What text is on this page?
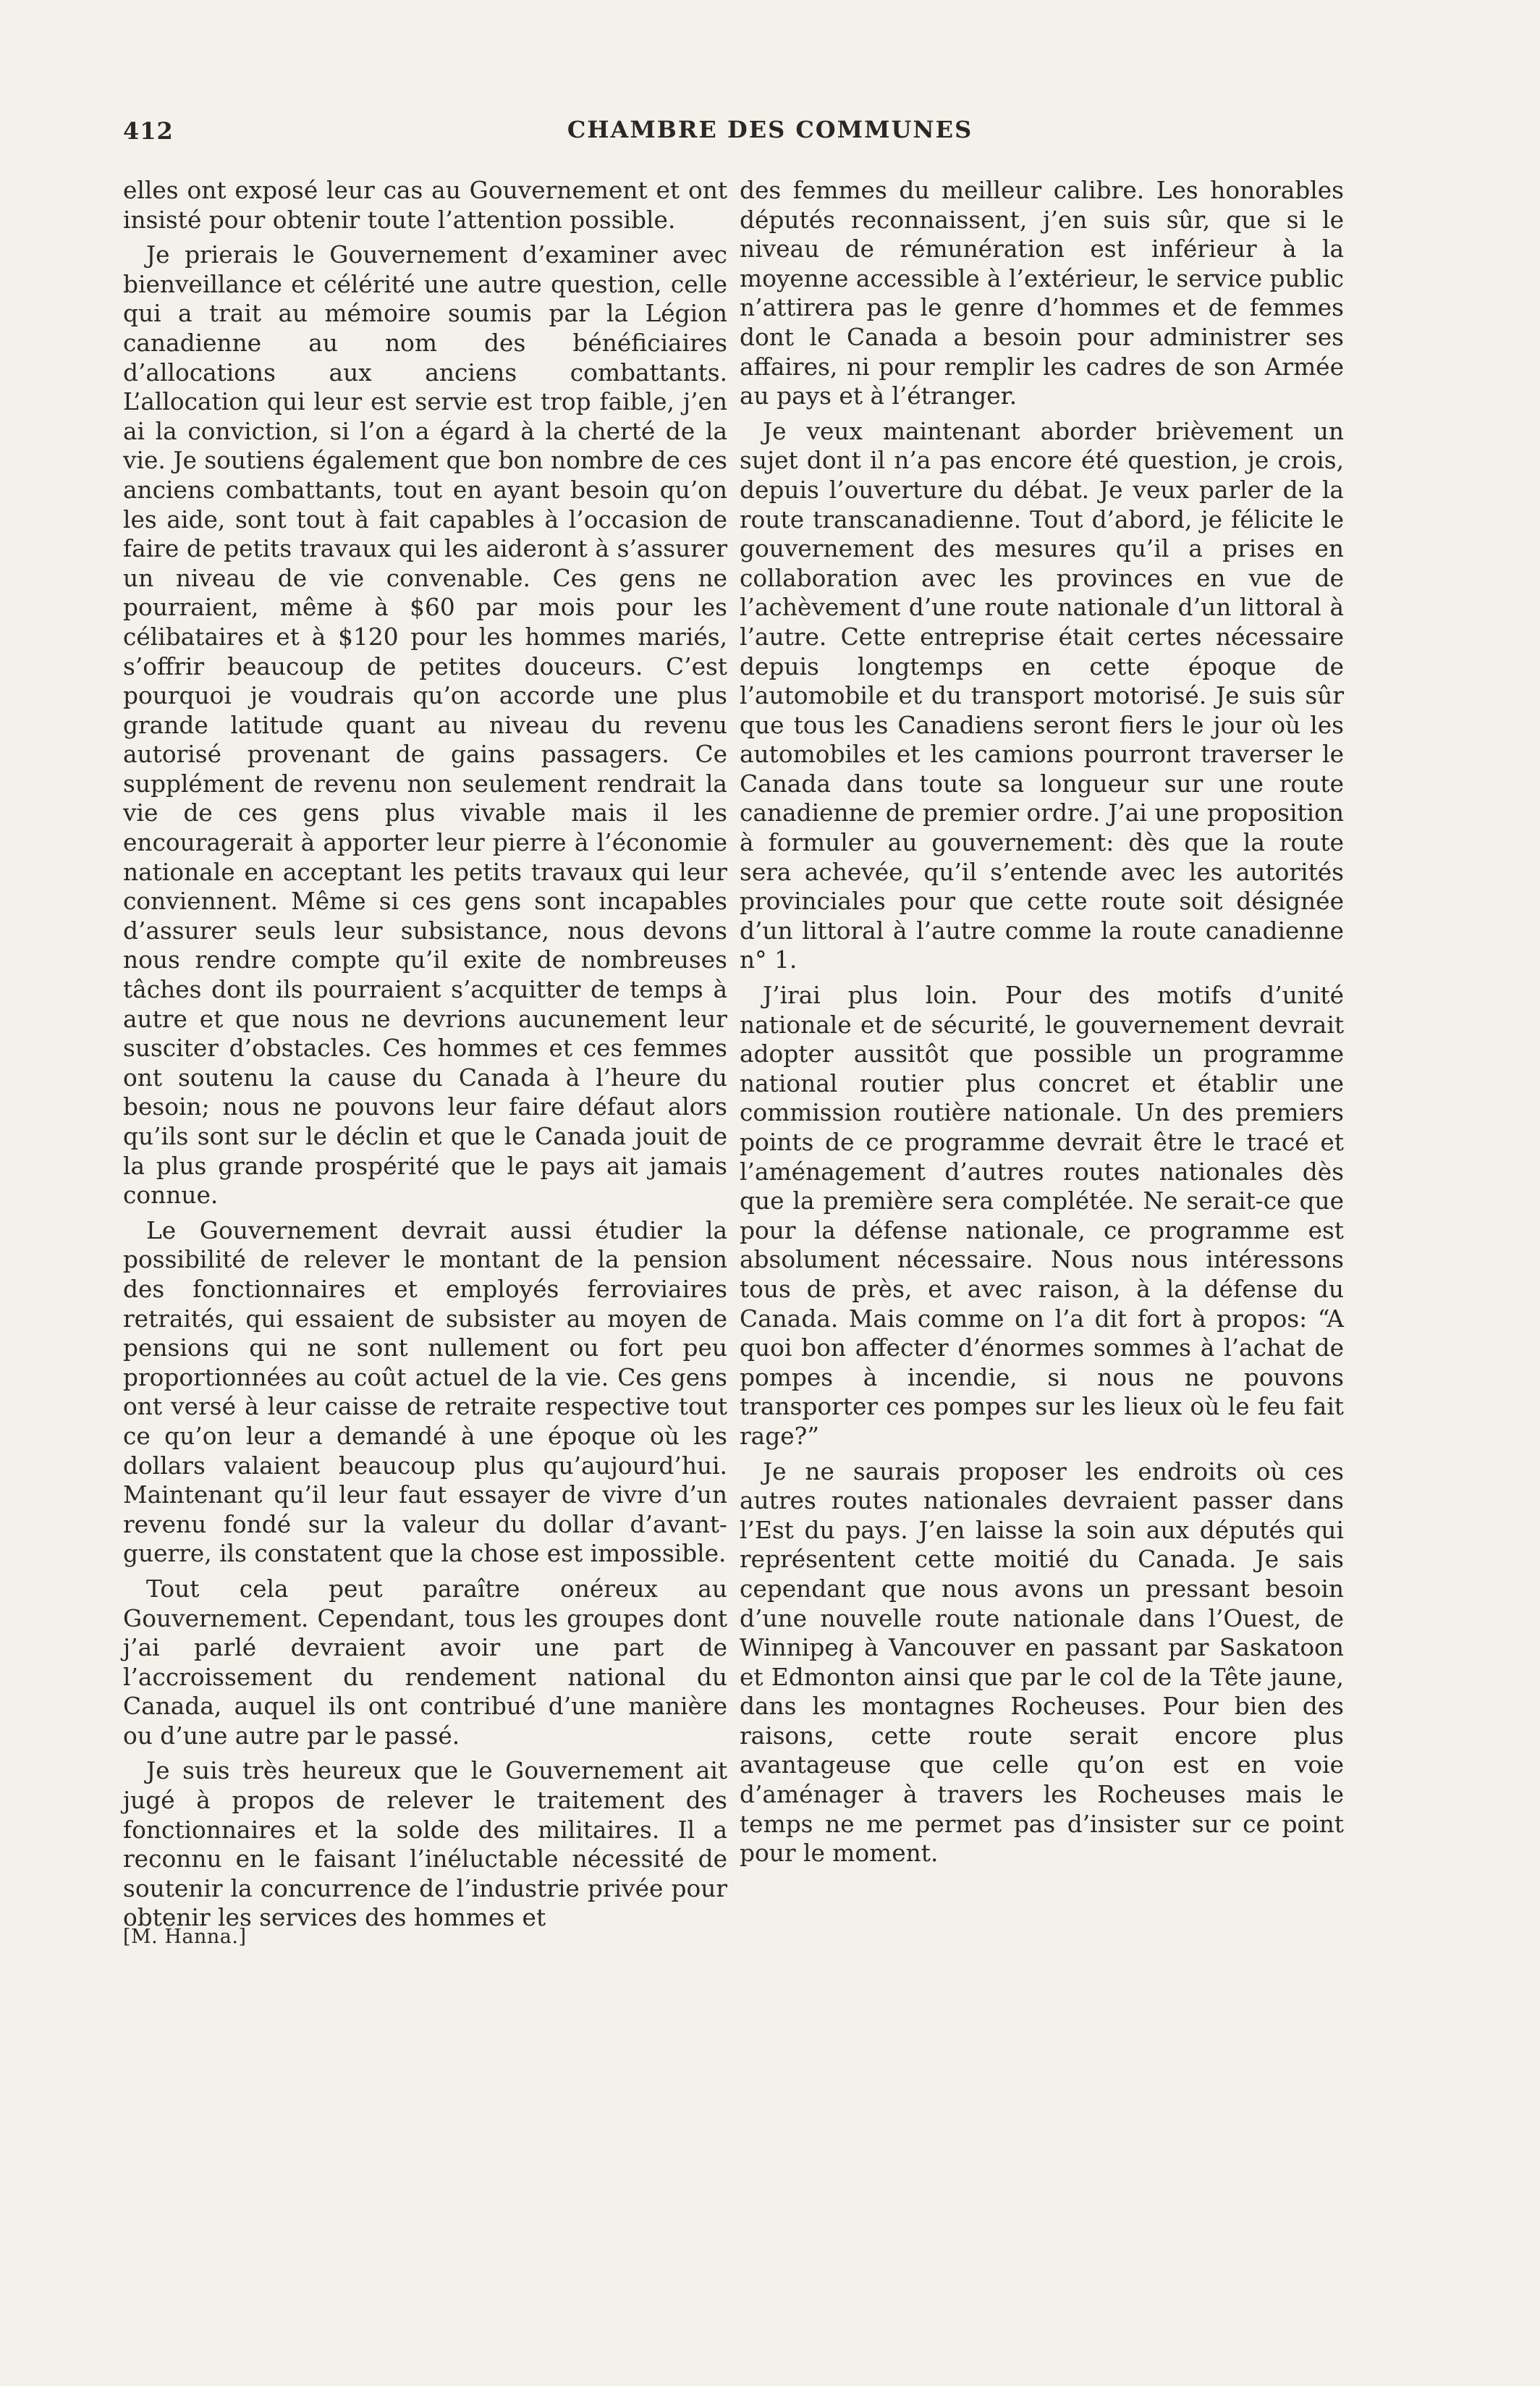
412	CHAMBRE DES COMMUNES

elles ont exposé leur cas au Gouvernement et ont insisté pour obtenir toute l’attention possible.

Je prierais le Gouvernement d’examiner avec bienveillance et célérité une autre question, celle qui a trait au mémoire soumis par la Légion canadienne au nom des bénéficiaires d’allocations aux anciens combattants. L’allocation qui leur est servie est trop faible, j’en ai la conviction, si l’on a égard à la cherté de la vie. Je soutiens également que bon nombre de ces anciens combattants, tout en ayant besoin qu’on les aide, sont tout à fait capables à l’occasion de faire de petits travaux qui les aideront à s’assurer un niveau de vie convenable. Ces gens ne pourraient, même à $60 par mois pour les célibataires et à $120 pour les hommes mariés, s’offrir beaucoup de petites douceurs. C’est pourquoi je voudrais qu’on accorde une plus grande latitude quant au niveau du revenu autorisé provenant de gains passagers. Ce supplément de revenu non seulement rendrait la vie de ces gens plus vivable mais il les encouragerait à apporter leur pierre à l’économie nationale en acceptant les petits travaux qui leur conviennent. Même si ces gens sont incapables d’assurer seuls leur subsistance, nous devons nous rendre compte qu’il exite de nombreuses tâches dont ils pourraient s’acquitter de temps à autre et que nous ne devrions aucunement leur susciter d’obstacles. Ces hommes et ces femmes ont soutenu la cause du Canada à l’heure du besoin; nous ne pouvons leur faire défaut alors qu’ils sont sur le déclin et que le Canada jouit de la plus grande prospérité que le pays ait jamais connue.

Le Gouvernement devrait aussi étudier la possibilité de relever le montant de la pension des fonctionnaires et employés ferroviaires retraités, qui essaient de subsister au moyen de pensions qui ne sont nullement ou fort peu proportionnées au coût actuel de la vie. Ces gens ont versé à leur caisse de retraite respective tout ce qu’on leur a demandé à une époque où les dollars valaient beaucoup plus qu’aujourd’hui. Maintenant qu’il leur faut essayer de vivre d’un revenu fondé sur la valeur du dollar d’avant-guerre, ils constatent que la chose est impossible.

Tout cela peut paraître onéreux au Gouvernement. Cependant, tous les groupes dont j’ai parlé devraient avoir une part de l’accroissement du rendement national du Canada, auquel ils ont contribué d’une manière ou d’une autre par le passé.

Je suis très heureux que le Gouvernement ait jugé à propos de relever le traitement des fonctionnaires et la solde des militaires. Il a reconnu en le faisant l’inéluctable nécessité de soutenir la concurrence de l’industrie privée pour obtenir les services des hommes et

des femmes du meilleur calibre. Les honorables députés reconnaissent, j’en suis sûr, que si le niveau de rémunération est inférieur à la moyenne accessible à l’extérieur, le service public n’attirera pas le genre d’hommes et de femmes dont le Canada a besoin pour administrer ses affaires, ni pour remplir les cadres de son Armée au pays et à l’étranger.

Je veux maintenant aborder brièvement un sujet dont il n’a pas encore été question, je crois, depuis l’ouverture du débat. Je veux parler de la route transcanadienne. Tout d’abord, je félicite le gouvernement des mesures qu’il a prises en collaboration avec les provinces en vue de l’achèvement d’une route nationale d’un littoral à l’autre. Cette entreprise était certes nécessaire depuis longtemps en cette époque de l’automobile et du transport motorisé. Je suis sûr que tous les Canadiens seront fiers le jour où les automobiles et les camions pourront traverser le Canada dans toute sa longueur sur une route canadienne de premier ordre. J’ai une proposition à formuler au gouvernement: dès que la route sera achevée, qu’il s’entende avec les autorités provinciales pour que cette route soit désignée d’un littoral à l’autre comme la route canadienne n° 1.

J’irai plus loin. Pour des motifs d’unité nationale et de sécurité, le gouvernement devrait adopter aussitôt que possible un programme national routier plus concret et établir une commission routière nationale. Un des premiers points de ce programme devrait être le tracé et l’aménagement d’autres routes nationales dès que la première sera complétée. Ne serait-ce que pour la défense nationale, ce programme est absolument nécessaire. Nous nous intéressons tous de près, et avec raison, à la défense du Canada. Mais comme on l’a dit fort à propos: “A quoi bon affecter d’énormes sommes à l’achat de pompes à incendie, si nous ne pouvons transporter ces pompes sur les lieux où le feu fait rage?”

Je ne saurais proposer les endroits où ces autres routes nationales devraient passer dans l’Est du pays. J’en laisse la soin aux députés qui représentent cette moitié du Canada. Je sais cependant que nous avons un pressant besoin d’une nouvelle route nationale dans l’Ouest, de Winnipeg à Vancouver en passant par Saskatoon et Edmonton ainsi que par le col de la Tête jaune, dans les montagnes Rocheuses. Pour bien des raisons, cette route serait encore plus avantageuse que celle qu’on est en voie d’aménager à travers les Rocheuses mais le temps ne me permet pas d’insister sur ce point pour le moment.

[M. Hanna.]
